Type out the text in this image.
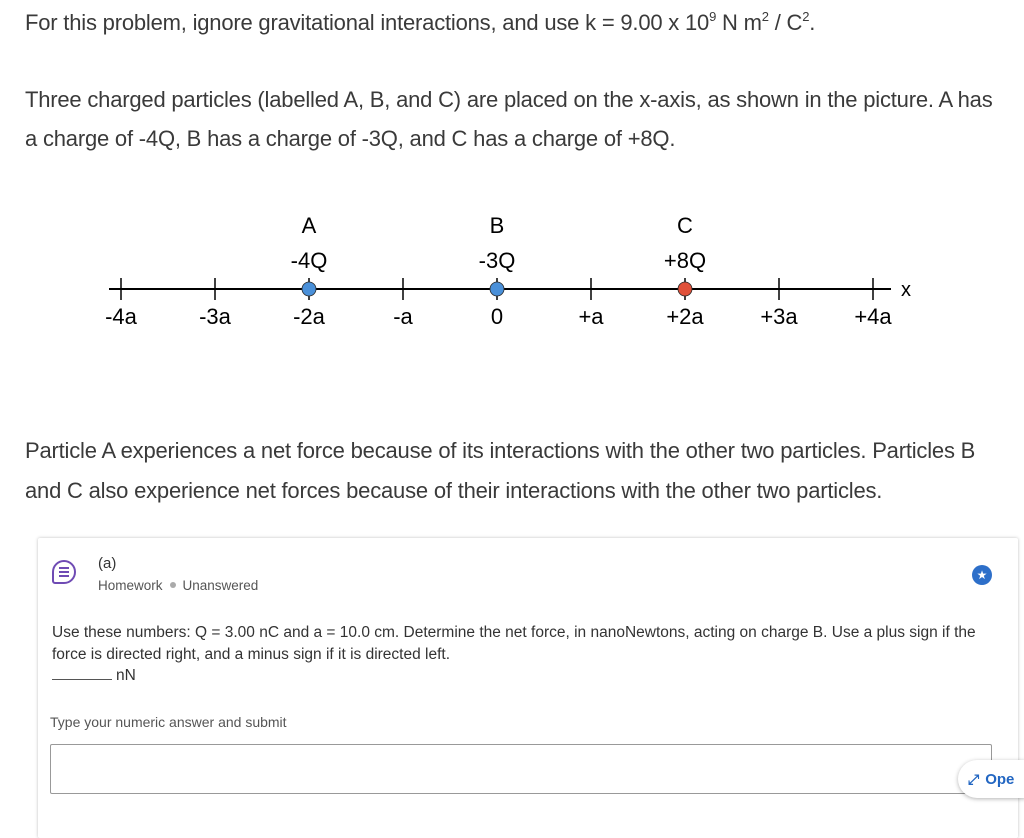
For this problem, ignore gravitational interactions, and use k = 9.00 x $10^9$ N $m^2 / C^2$.
Three charged particles (labelled A, B, and C) are placed on the x-axis, as shown in the picture. A has a charge of -4Q, B has a charge of -3Q, and C has a charge of +8Q.
x
-4a	-3a	-2a	-a	0	+a	+2a	+3a	+4a
A
-4Q
B
-3Q
C
+8Q
Particle A experiences a net force because of its interactions with the other two particles. Particles B and C also experience net forces because of their interactions with the other two particles.
(a)
Homework Unanswered
★
Use these numbers: Q = 3.00 nC and a = 10.0 cm. Determine the net force, in nanoNewtons, acting on charge B. Use a plus sign if the force is directed right, and a minus sign if it is directed left.
nN
Type your numeric answer and submit
⤢ Ope
